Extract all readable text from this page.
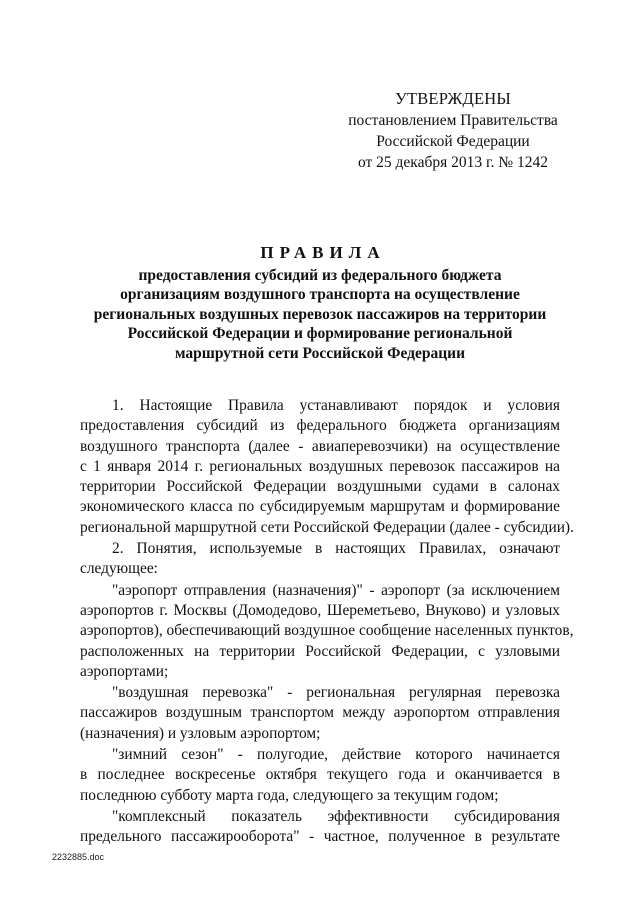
УТВЕРЖДЕНЫ
постановлением Правительства
Российской Федерации
от 25 декабря 2013 г. № 1242
ПРАВИЛА
предоставления субсидий из федерального бюджета
организациям воздушного транспорта на осуществление
региональных воздушных перевозок пассажиров на территории
Российской Федерации и формирование региональной
маршрутной сети Российской Федерации
1. Настоящие Правила устанавливают порядок и условия
предоставления субсидий из федерального бюджета организациям
воздушного транспорта (далее - авиаперевозчики) на осуществление
с 1 января 2014 г. региональных воздушных перевозок пассажиров на
территории Российской Федерации воздушными судами в салонах
экономического класса по субсидируемым маршрутам и формирование
региональной маршрутной сети Российской Федерации (далее - субсидии).
2. Понятия, используемые в настоящих Правилах, означают
следующее:
"аэропорт отправления (назначения)" - аэропорт (за исключением
аэропортов г. Москвы (Домодедово, Шереметьево, Внуково) и узловых
аэропортов), обеспечивающий воздушное сообщение населенных пунктов,
расположенных на территории Российской Федерации, с узловыми
аэропортами;
"воздушная перевозка" - региональная регулярная перевозка
пассажиров воздушным транспортом между аэропортом отправления
(назначения) и узловым аэропортом;
"зимний сезон" - полугодие, действие которого начинается
в последнее воскресенье октября текущего года и оканчивается в
последнюю субботу марта года, следующего за текущим годом;
"комплексный показатель эффективности субсидирования
предельного пассажирооборота" - частное, полученное в результате
2232885.doc
